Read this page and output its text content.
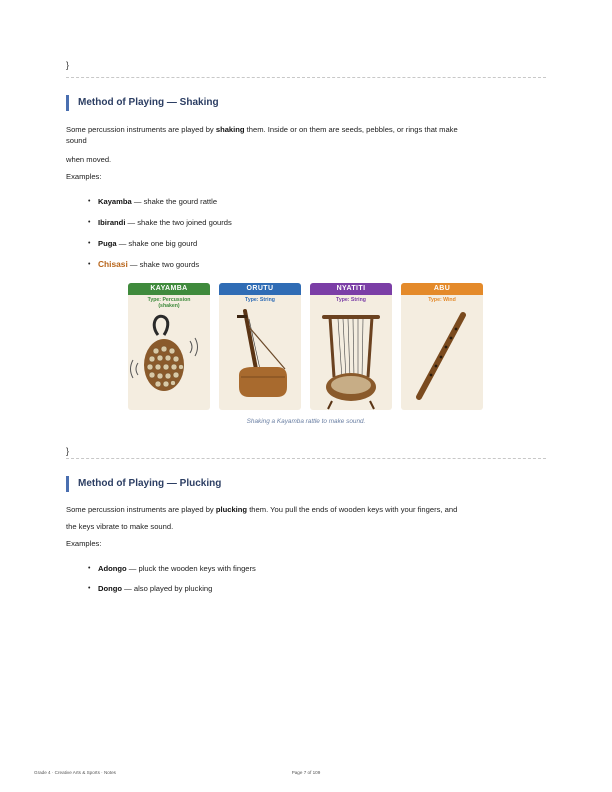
}
Method of Playing — Shaking
Some percussion instruments are played by shaking them. Inside or on them are seeds, pebbles, or rings that make
sound
when moved.
Examples:
• Kayamba — shake the gourd rattle
• Ibirandi — shake the two joined gourds
• Puga — shake one big gourd
• Chisasi — shake two gourds
KAYAMBA
Type: Percussion
(shaken)
ORUTU
Type: String
NYATITI
Type: String
ABU
Type: Wind
Shaking a Kayamba rattle to make sound.
}
Method of Playing — Plucking
Some percussion instruments are played by plucking them. You pull the ends of wooden keys with your fingers, and
the keys vibrate to make sound.
Examples:
• Adongo — pluck the wooden keys with fingers
• Dongo — also played by plucking
Grade 4 · Creative Arts & Sports · Notes	Page 7 of 109
